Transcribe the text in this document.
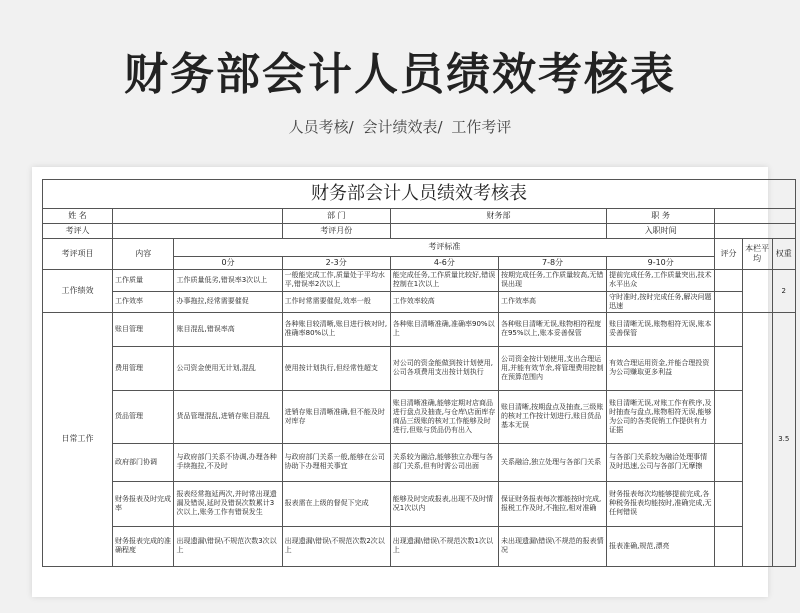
财务部会计人员绩效考核表
人员考核/ 会计绩效表/ 工作考评
财务部会计人员绩效考核表									
姓 名			部 门	财务部		职 务			
考评人			考评月份			入职时间			
考评项目	内容	考评标准					评分	本栏平均	权重
		0分	2-3分	4-6分	7-8分	9-10分			
工作绩效	工作质量	工作质量低劣,错误率3次以上	一般能完成工作,质量处于平均水平,错误率2次以上	能完成任务,工作质量比较好,错误控制在1次以上	按期完成任务,工作质量较高,无错误出现	提前完成任务,工作质量突出,技术水平出众			2
	工作效率	办事拖拉,经常需要催促	工作时常需要催促,效率一般	工作效率较高	工作效率高	守时准时,按时完成任务,解决问题迅速			
日常工作	账目管理	账目混乱,错误率高	各种账目较清晰,账目进行核对时,准确率80%以上	各种账目清晰准确,准确率90%以上	各种账目清晰无误,账物相符程度在95%以上,账本妥善保管	账目清晰无误,账物相符无误,账本妥善保管			3.5
	费用管理	公司资金使用无计划,混乱	使用按计划执行,但经常性超支	对公司的资金能做到按计划使用,公司各项费用支出按计划执行	公司资金按计划使用,支出合理运用,并能有效节余,将管理费用控制在预算范围内	有效合理运用资金,并能合理投资为公司赚取更多利益			
	货品管理	货品管理混乱,进销存账目混乱	进销存账目清晰准确,但不能及时对库存	账目清晰准确,能够定期对店商品进行盘点及抽查,与仓库\店面库存商品三级账的核对工作能够及时进行,但账与货品仍有出入	账目清晰,按期盘点及抽查,三级账的核对工作按计划进行,账目货品基本无误	账目清晰无误,对账工作有秩序,及时抽查与盘点,账物相符无误,能够为公司的各类促销工作提供有力证据			
	政府部门协调	与政府部门关系不协调,办理各种手续拖拉,不及时	与政府部门关系一般,能够在公司协助下办理相关事宜	关系较为融洽,能够独立办理与各部门关系,但有时需公司出面	关系融洽,独立处理与各部门关系	与各部门关系较为融洽处理事情及时迅速,公司与各部门无摩擦			
	财务报表及时完成率	报表经常拖延两次,并时常出现遗漏及错误,延时及错误次数累计3次以上,账务工作有错误发生	报表需在上级的督促下完成	能够及时完成报表,出现不及时情况1次以内	保证财务报表每次都能按时完成,报税工作及时,不拖拉,相对准确	财务报表每次均能够提前完成,各种税务报表均能按时,准确完成,无任何错误			
	财务报表完成的准确程度	出现遗漏\错误\不规范次数3次以上	出现遗漏\错误\不规范次数2次以上	出现遗漏\错误\不规范次数1次以上	未出现遗漏\错误\不规范的报表情况	报表准确,规范,漂亮			
